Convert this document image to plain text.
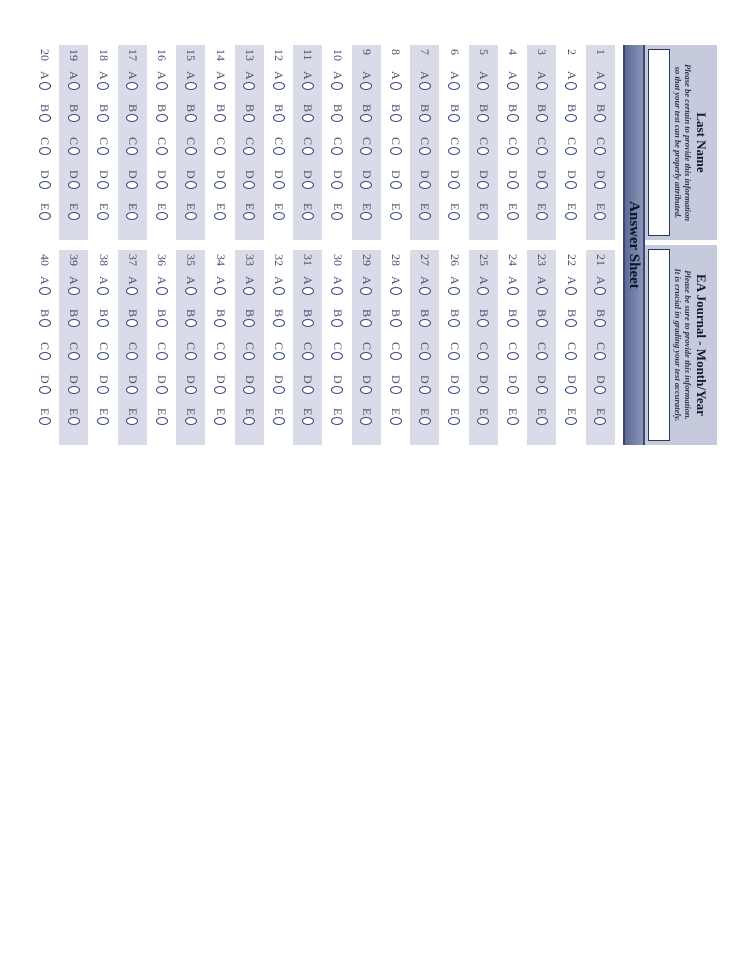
Last Name
Please be certain to provide this information
so that your test can be properly attributed.
EA Journal - Month/Year
Please be sure to provide this information.
It is crucial in grading your test accurately.
Answer Sheet
1
A
B
C
D
E
2
A
B
C
D
E
3
A
B
C
D
E
4
A
B
C
D
E
5
A
B
C
D
E
6
A
B
C
D
E
7
A
B
C
D
E
8
A
B
C
D
E
9
A
B
C
D
E
10
A
B
C
D
E
11
A
B
C
D
E
12
A
B
C
D
E
13
A
B
C
D
E
14
A
B
C
D
E
15
A
B
C
D
E
16
A
B
C
D
E
17
A
B
C
D
E
18
A
B
C
D
E
19
A
B
C
D
E
20
A
B
C
D
E
21
A
B
C
D
E
22
A
B
C
D
E
23
A
B
C
D
E
24
A
B
C
D
E
25
A
B
C
D
E
26
A
B
C
D
E
27
A
B
C
D
E
28
A
B
C
D
E
29
A
B
C
D
E
30
A
B
C
D
E
31
A
B
C
D
E
32
A
B
C
D
E
33
A
B
C
D
E
34
A
B
C
D
E
35
A
B
C
D
E
36
A
B
C
D
E
37
A
B
C
D
E
38
A
B
C
D
E
39
A
B
C
D
E
40
A
B
C
D
E
